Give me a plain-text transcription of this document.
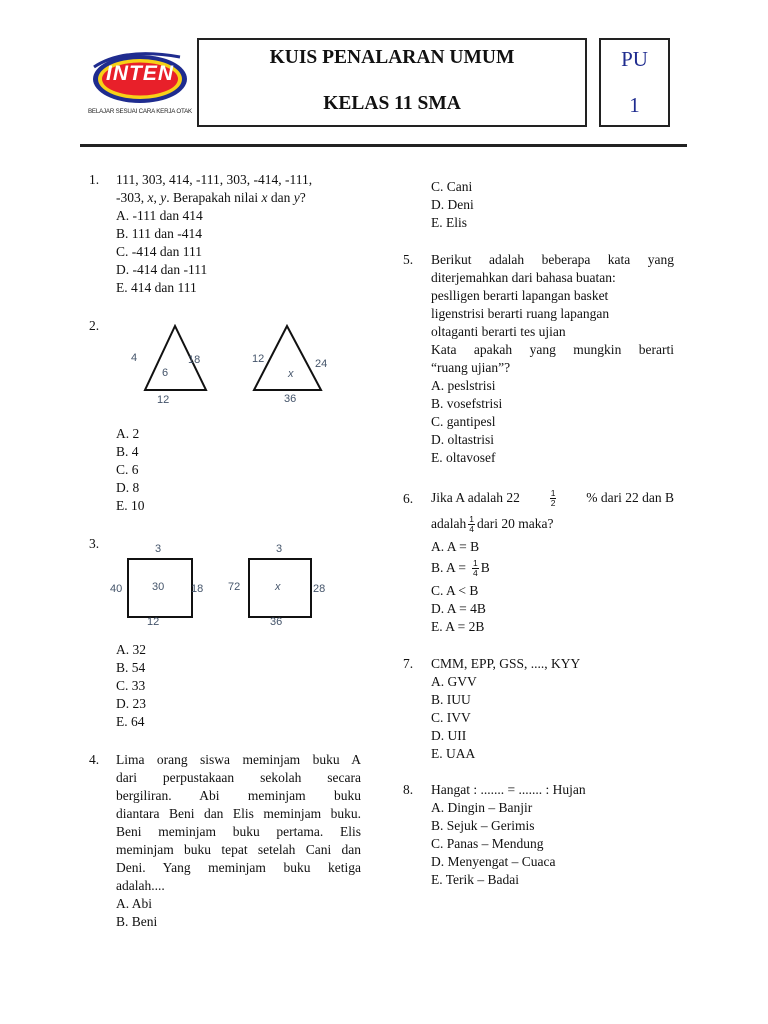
INTEN
BELAJAR SESUAI CARA KERJA OTAK
KUIS PENALARAN UMUM
KELAS 11 SMA
PU
1
1. 111, 303, 414, -111, 303, -414, -111,
-303, x, y. Berapakah nilai x dan y?
A. -111 dan 414
B. 111 dan -414
C. -414 dan 111
D. -414 dan -111
E. 414 dan 111
2.
4	18
6
12
12	24
x
36
A. 2
B. 4
C. 6
D. 8
E. 10
3.	3
40	30 18
12
3
72	x	28
36
A. 32
B. 54
C. 33
D. 23
E. 64
4. Lima orang siswa meminjam buku A
dari perpustakaan sekolah secara
bergiliran. Abi meminjam buku
diantara Beni dan Elis meminjam buku.
Beni meminjam buku pertama. Elis
meminjam buku tepat setelah Cani dan
Deni. Yang meminjam buku ketiga
adalah....
A. Abi
B. Beni
C. Cani
D. Deni
E. Elis
5. Berikut adalah beberapa kata yang
diterjemahkan dari bahasa buatan:
peslligen berarti lapangan basket
ligenstrisi berarti ruang lapangan
oltaganti berarti tes ujian
Kata apakah yang mungkin berarti
“ruang ujian”?
A. peslstrisi
B. vosefstrisi
C. gantipesl
D. oltastrisi
E. oltavosef
6. Jika A adalah 22	$\frac{1}{2}$ % dari 22 dan B
adalah $\frac{1}{4}$ dari 20 maka?
A. A = B
B. $A = \frac{1}{4}$ B
C. A < B
D. A = 4B
E. A = 2B
7. CMM, EPP, GSS, ...., KYY
A. GVV
B. IUU
C. IVV
D. UII
E. UAA
8. Hangat : ....... = ....... : Hujan
A. Dingin – Banjir
B. Sejuk – Gerimis
C. Panas – Mendung
D. Menyengat – Cuaca
E. Terik – Badai
